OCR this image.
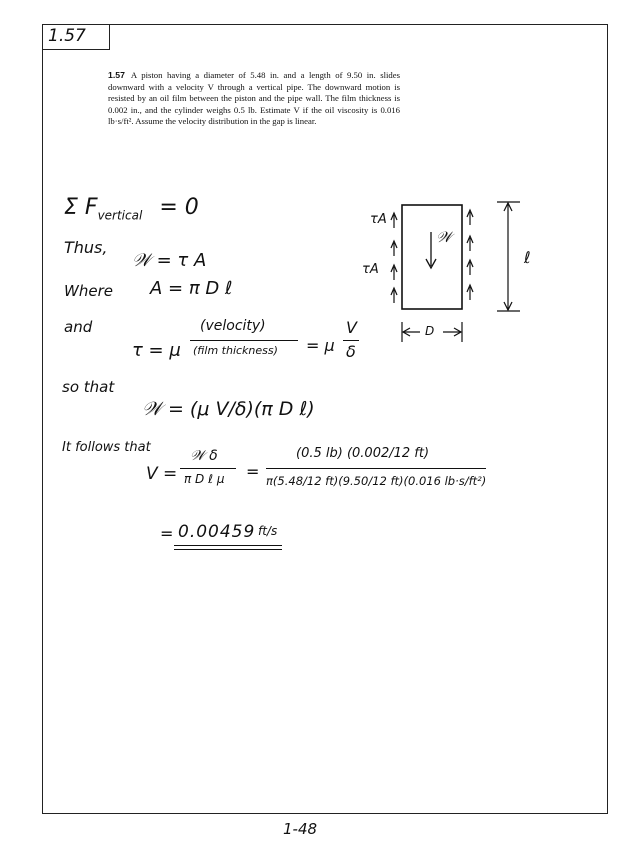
1.57
1.57 A piston having a diameter of 5.48 in. and a length of 9.50 in. slides downward with a velocity V through a vertical pipe. The downward motion is resisted by an oil film between the piston and the pipe wall. The film thickness is 0.002 in., and the cylinder weighs 0.5 lb. Estimate V if the oil viscosity is 0.016 lb·s/ft². Assume the velocity distribution in the gap is linear.
Σ $F_{vertical} = 0$
Thus,
𝒲 = τ A
Where A = π D ℓ
and
τ = μ
(velocity)
(film thickness) = μ
V
δ
so that
𝒲 = (μ V/δ)(π D ℓ)
It follows that
V =
𝒲 δ
π D ℓ μ =
(0.5 lb) (0.002/12 ft)
π(5.48/12 ft)(9.50/12 ft)(0.016 lb·s/ft²)
= 0.00459 ft/s
τA
𝒲
τA
ℓ
D
1-48
